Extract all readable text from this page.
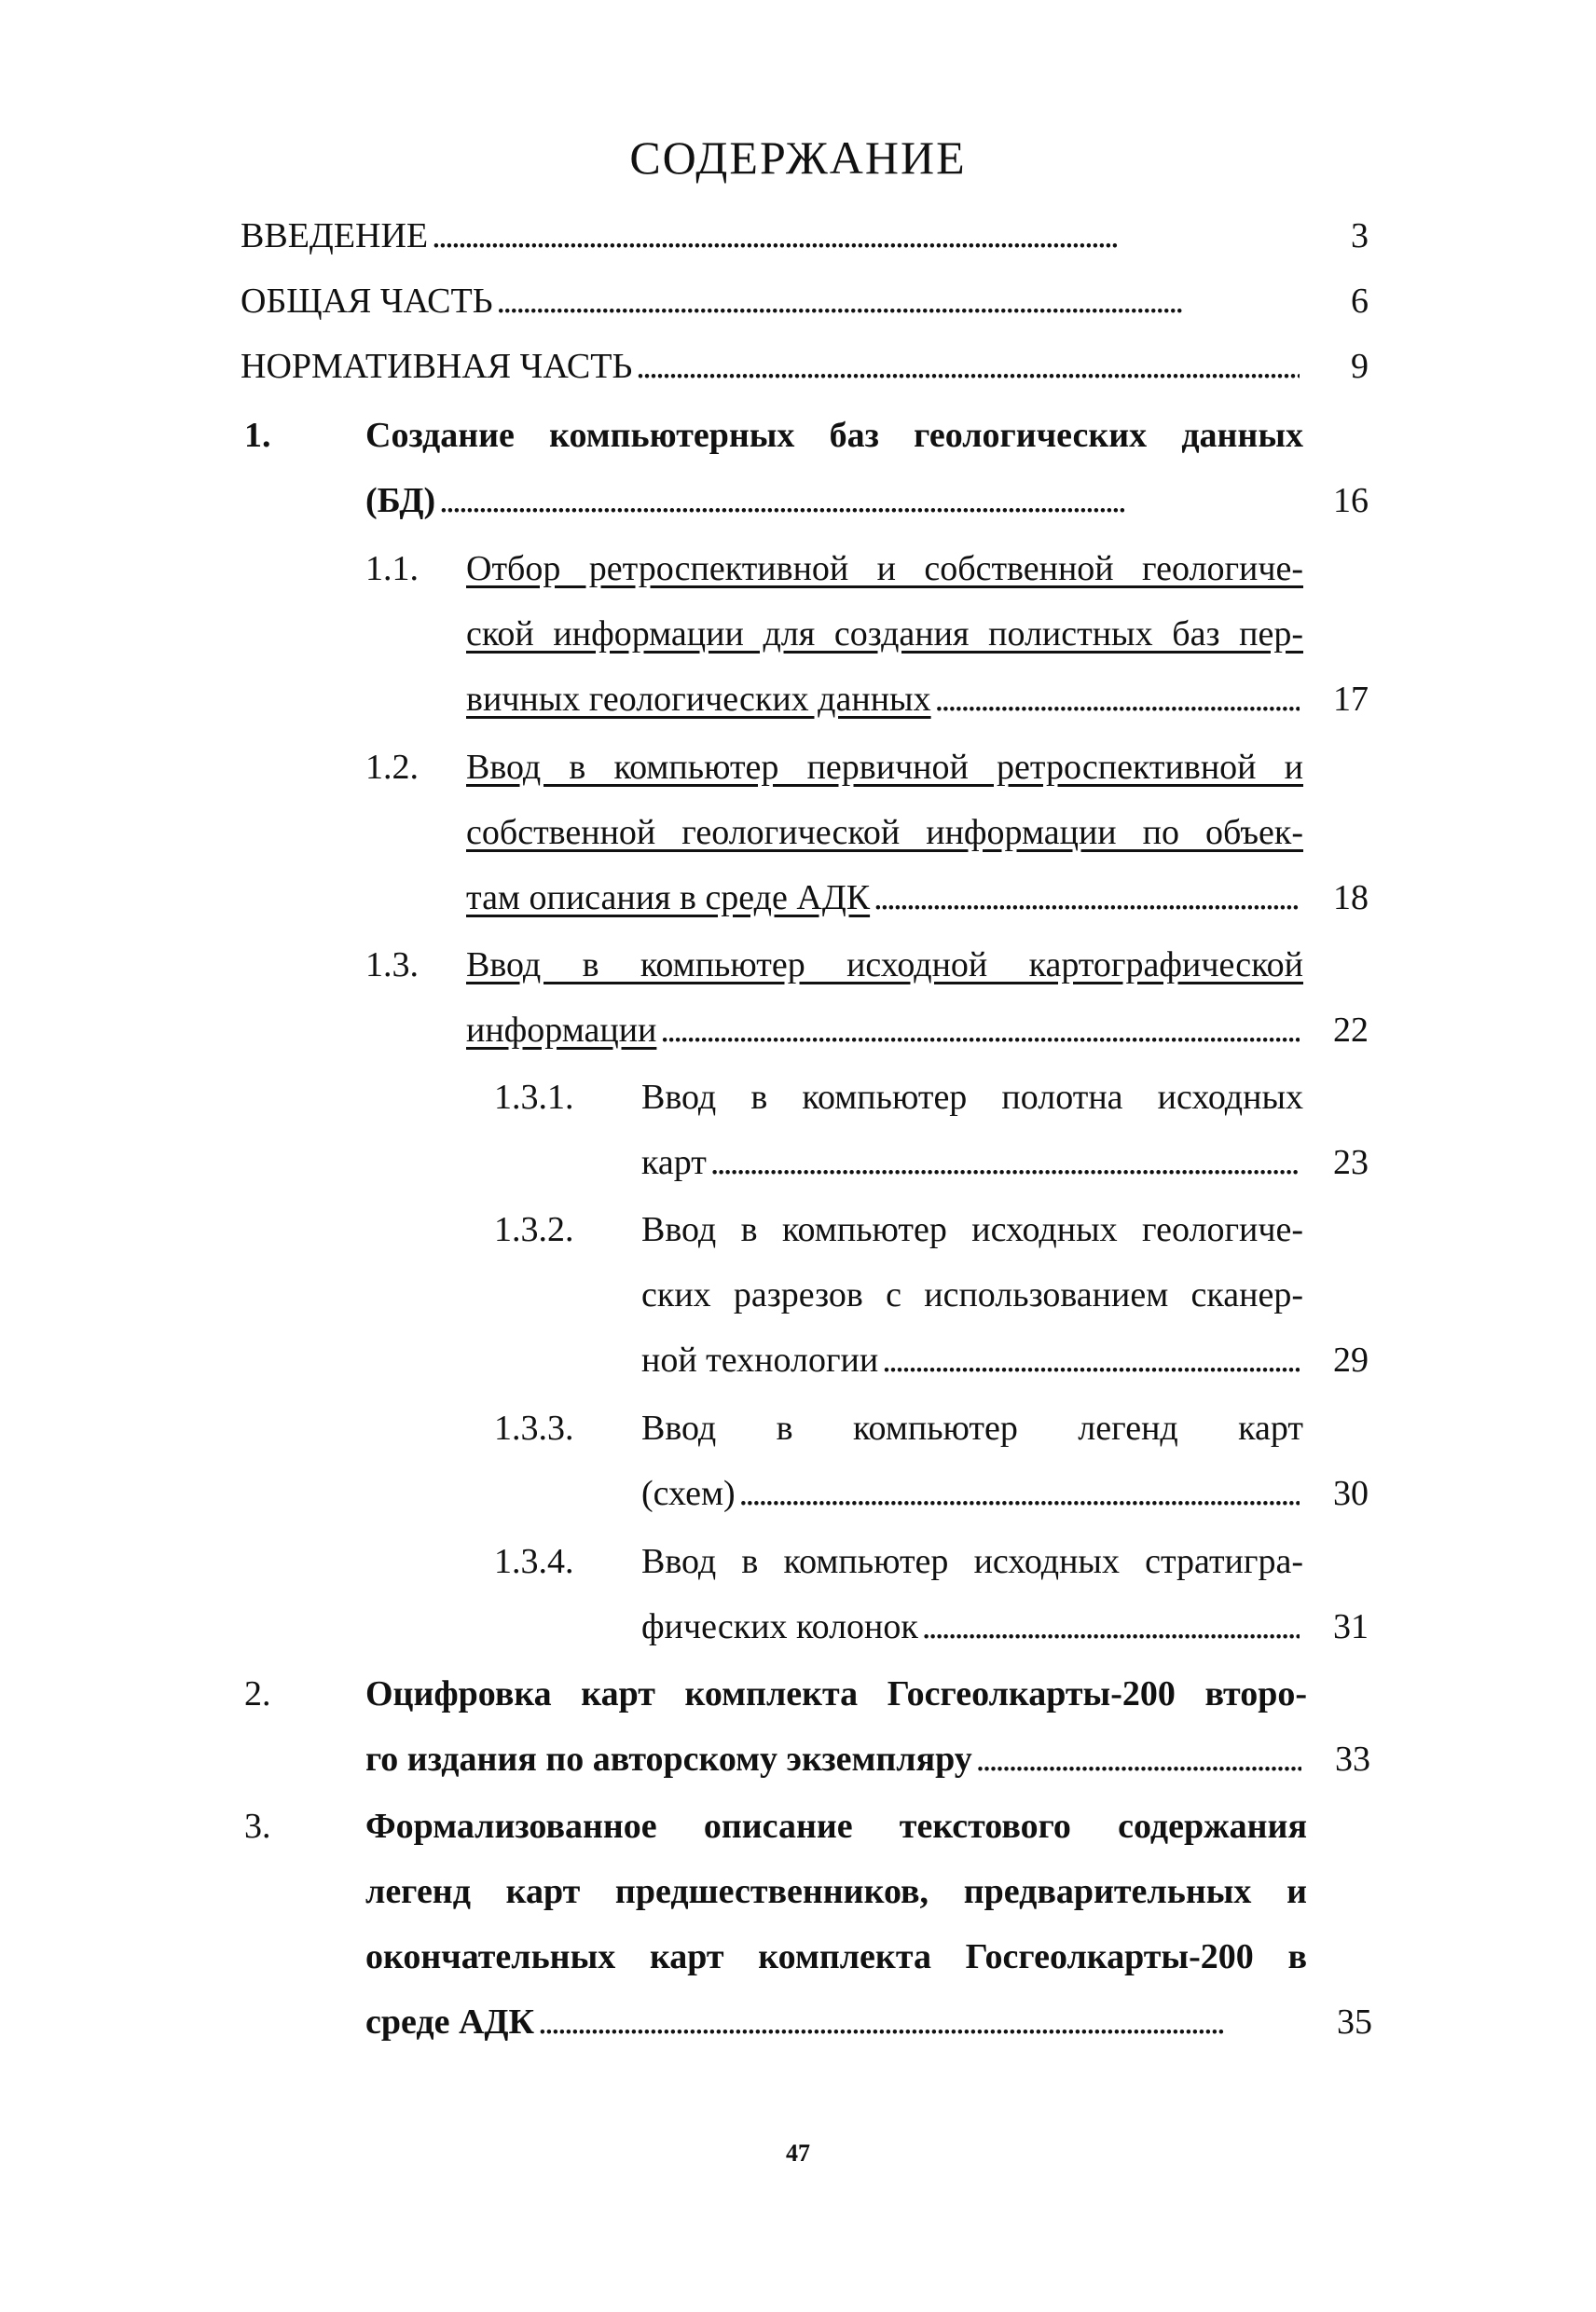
СОДЕРЖАНИЕ
ВВЕДЕНИЕ . . .	3
ОБЩАЯ ЧАСТЬ . . .	6
НОРМАТИВНАЯ ЧАСТЬ . . .	9
1.	Создание компьютерных баз геологических данных
(БД) . . .	16
1.1. Отбор ретроспективной и собственной геологиче-
ской информации для создания полистных баз пер-
вичных геологических данных . . .	17
1.2. Ввод в компьютер первичной ретроспективной и
собственной геологической информации по объек-
там описания в среде АДК . . .	18
1.3. Ввод в компьютер исходной картографической
информации . . .	22
1.3.1. Ввод в компьютер полотна исходных
карт . . .	23
1.3.2. Ввод в компьютер исходных геологиче-
ских разрезов с использованием сканер-
ной технологии . . .	29
1.3.3. Ввод в компьютер легенд карт
(схем) . . .	30
1.3.4. Ввод в компьютер исходных стратигра-
фических колонок . . .	31
2.	Оцифровка карт комплекта Госгеолкарты-200 второ-
го издания по авторскому экземпляру . . .	33
3.	Формализованное описание текстового содержания
легенд карт предшественников, предварительных и
окончательных карт комплекта Госгеолкарты-200 в
среде АДК . . .	35
47
